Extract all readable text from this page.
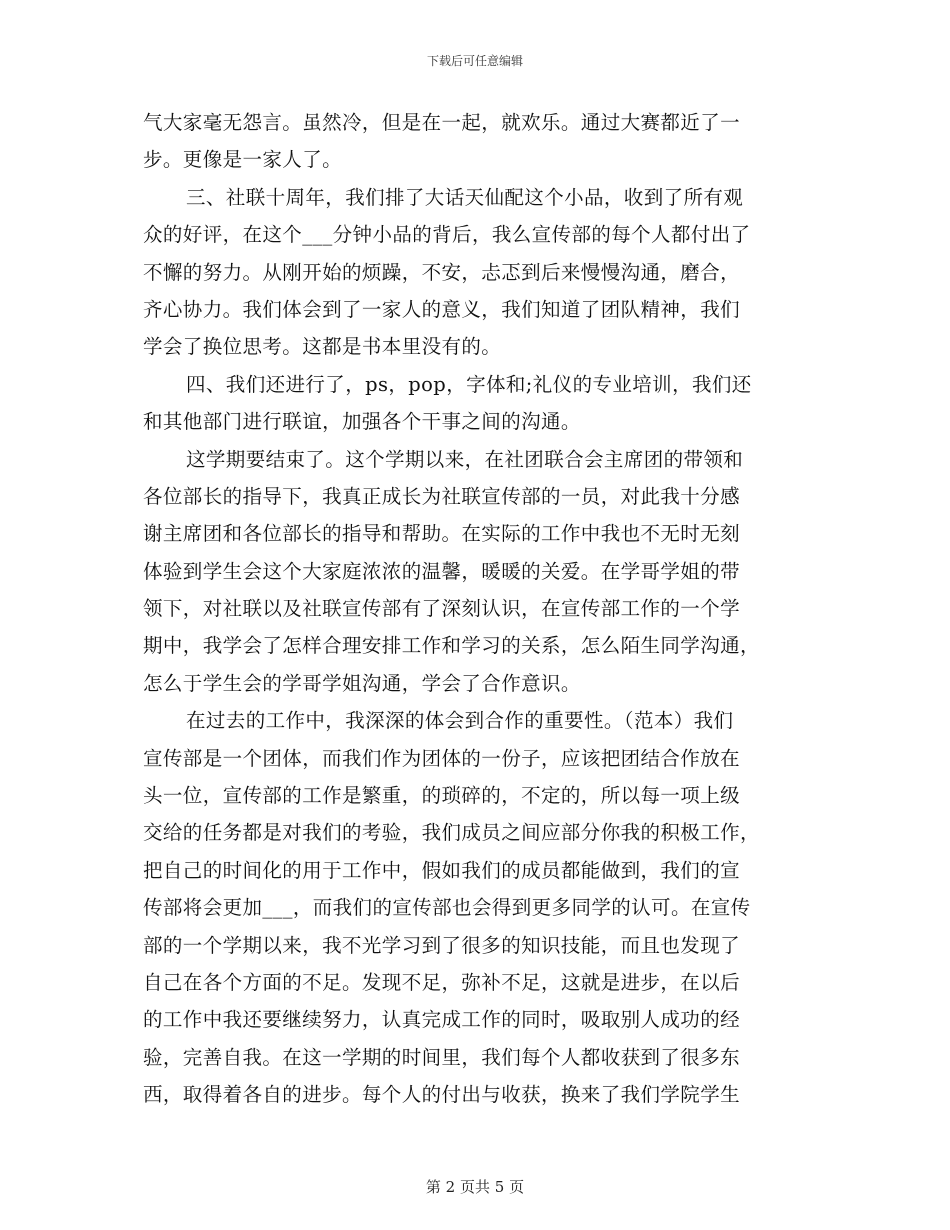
下载后可任意编辑
气大家毫无怨言。虽然冷，但是在一起，就欢乐。通过大赛都近了一
步。更像是一家人了。
三、社联十周年，我们排了大话天仙配这个小品，收到了所有观
众的好评，在这个___分钟小品的背后，我么宣传部的每个人都付出了
不懈的努力。从刚开始的烦躁，不安，忐忑到后来慢慢沟通，磨合，
齐心协力。我们体会到了一家人的意义，我们知道了团队精神，我们
学会了换位思考。这都是书本里没有的。
四、我们还进行了，ps，pop，字体和;礼仪的专业培训，我们还
和其他部门进行联谊，加强各个干事之间的沟通。
这学期要结束了。这个学期以来，在社团联合会主席团的带领和
各位部长的指导下，我真正成长为社联宣传部的一员，对此我十分感
谢主席团和各位部长的指导和帮助。在实际的工作中我也不无时无刻
体验到学生会这个大家庭浓浓的温馨，暖暖的关爱。在学哥学姐的带
领下，对社联以及社联宣传部有了深刻认识，在宣传部工作的一个学
期中，我学会了怎样合理安排工作和学习的关系，怎么陌生同学沟通，
怎么于学生会的学哥学姐沟通，学会了合作意识。
在过去的工作中，我深深的体会到合作的重要性。（范本）我们
宣传部是一个团体，而我们作为团体的一份子，应该把团结合作放在
头一位，宣传部的工作是繁重，的琐碎的，不定的，所以每一项上级
交给的任务都是对我们的考验，我们成员之间应部分你我的积极工作，
把自己的时间化的用于工作中，假如我们的成员都能做到，我们的宣
传部将会更加___，而我们的宣传部也会得到更多同学的认可。在宣传
部的一个学期以来，我不光学习到了很多的知识技能，而且也发现了
自己在各个方面的不足。发现不足，弥补不足，这就是进步，在以后
的工作中我还要继续努力，认真完成工作的同时，吸取别人成功的经
验，完善自我。在这一学期的时间里，我们每个人都收获到了很多东
西，取得着各自的进步。每个人的付出与收获，换来了我们学院学生
第 2 页共 5 页
